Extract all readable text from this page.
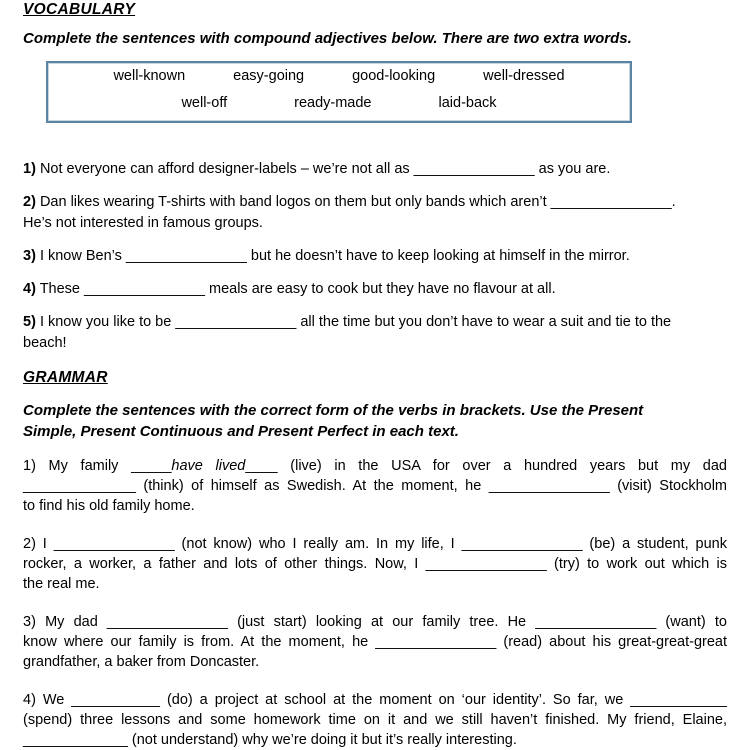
VOCABULARY
Complete the sentences with compound adjectives below. There are two extra words.
well-known	easy-going	good-looking	well-dressed
well-off	ready-made	laid-back
1) Not everyone can afford designer-labels – we’re not all as _______________ as you are.
2) Dan likes wearing T-shirts with band logos on them but only bands which aren’t _______________.
He’s not interested in famous groups.
3) I know Ben’s _______________ but he doesn’t have to keep looking at himself in the mirror.
4) These _______________ meals are easy to cook but they have no flavour at all.
5) I know you like to be _______________ all the time but you don’t have to wear a suit and tie to the
beach!
GRAMMAR
Complete the sentences with the correct form of the verbs in brackets. Use the Present
Simple, Present Continuous and Present Perfect in each text.
1) My family _____have lived____ (live) in the USA for over a hundred years but my dad
______________ (think) of himself as Swedish. At the moment, he _______________ (visit) Stockholm
to find his old family home.
2) I _______________ (not know) who I really am. In my life, I _______________ (be) a student, punk
rocker, a worker, a father and lots of other things. Now, I _______________ (try) to work out which is
the real me.
3) My dad _______________ (just start) looking at our family tree. He _______________ (want) to
know where our family is from. At the moment, he _______________ (read) about his great-great-great
grandfather, a baker from Doncaster.
4) We ___________ (do) a project at school at the moment on ‘our identity’. So far, we ____________
(spend) three lessons and some homework time on it and we still haven’t finished. My friend, Elaine,
_____________ (not understand) why we’re doing it but it’s really interesting.
